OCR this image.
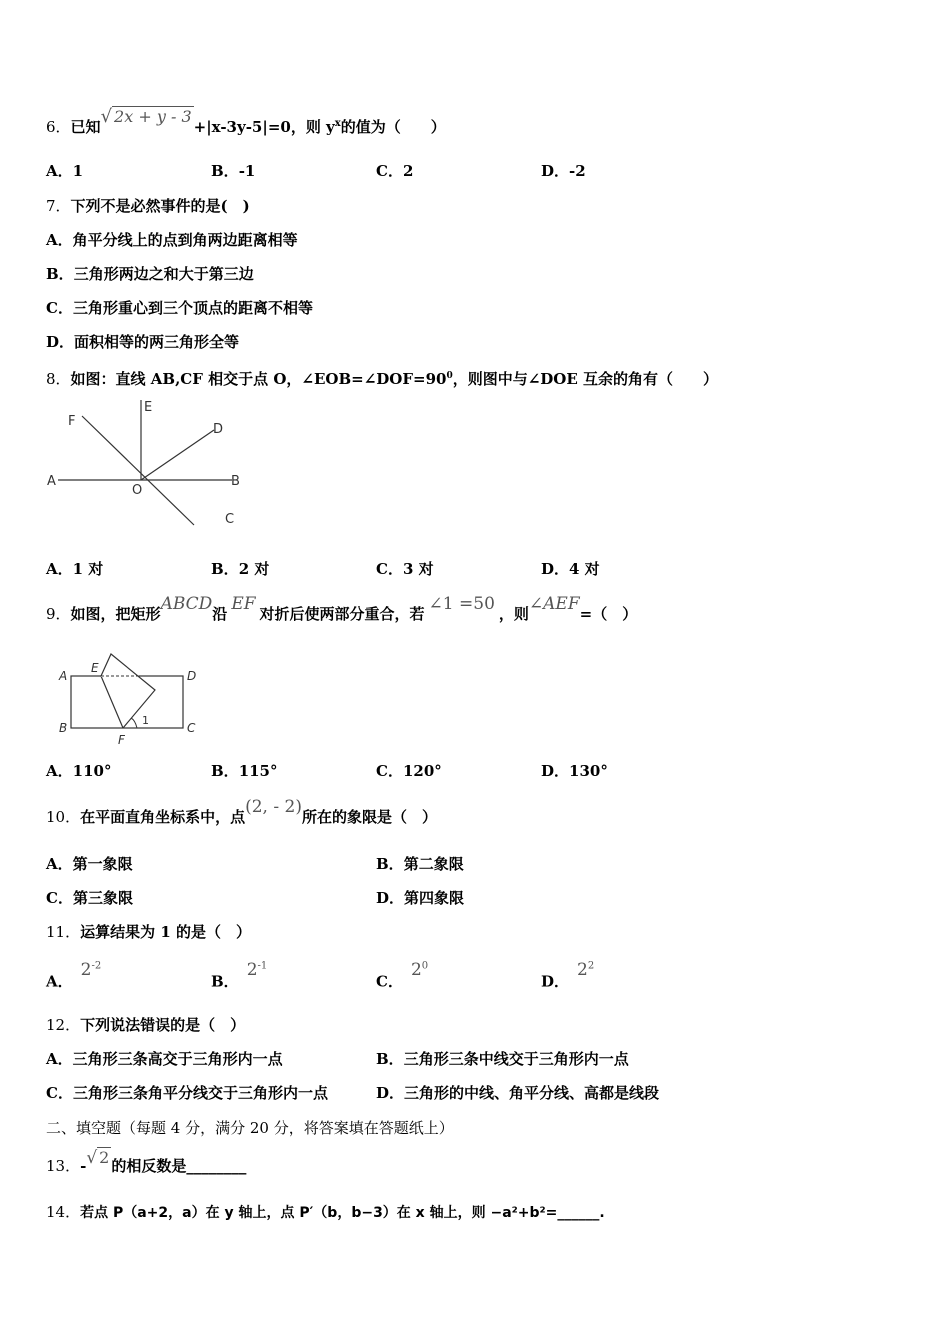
6．已知√ 2x + y - 3+|x-3y-5|=0，则 $y^x$的值为（　　）
A．1	B．-1	C．2	D．-2
7．下列不是必然事件的是(　)
A．角平分线上的点到角两边距离相等
B．三角形两边之和大于第三边
C．三角形重心到三个顶点的距离不相等
D．面积相等的两三角形全等
8．如图：直线 AB,CF 相交于点 O，$\angle EOB=\angle DOF=90^0$，则图中与∠DOE 互余的角有（　　）
E
F
D
A
O
B
C
A．1 对	B．2 对	C．3 对	D．4 对
9．如图，把矩形ABCD沿 EF 对折后使两部分重合，若 ∠1 =50 ，则∠AEF=（　）
A
E
D
B
F
C
1
A．110°	B．115°	C．120°	D．130°
10．在平面直角坐标系中，点(2, - 2)所在的象限是（　）
A．第一象限	B．第二象限
C．第三象限	D．第四象限
11．运算结果为 1 的是（　）
A．$2^{-2}$
B．$2^{-1}$
C．$2^0$
D．$2^2$
12．下列说法错误的是（　）
A．三角形三条高交于三角形内一点	B．三角形三条中线交于三角形内一点
C．三角形三条角平分线交于三角形内一点	D．三角形的中线、角平分线、高都是线段
二、填空题（每题 4 分，满分 20 分，将答案填在答题纸上）
13．-√ 2 的相反数是________
14．若点 P（a+2，a）在 y 轴上，点 P′（b，b−3）在 x 轴上，则 −a²+b²=______.
